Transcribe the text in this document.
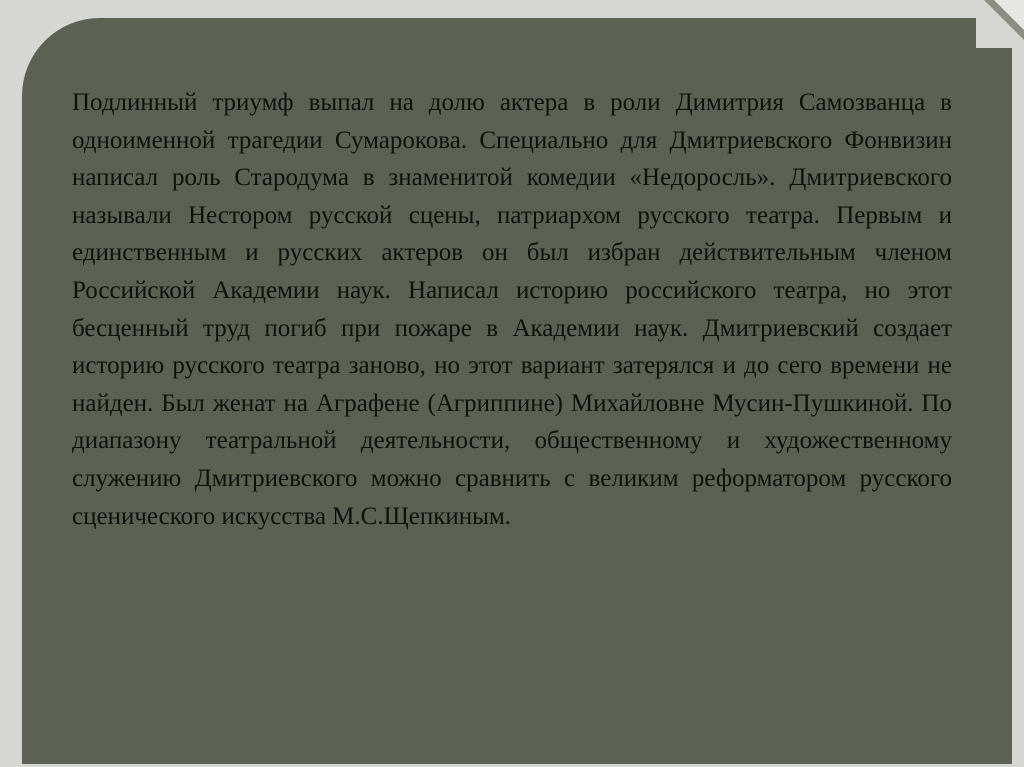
Подлинный триумф выпал на долю актера в роли Димитрия Самозванца в одноименной трагедии Сумарокова. Специально для Дмитриевского Фонвизин написал роль Стародума в знаменитой комедии «Недоросль». Дмитриевского называли Нестором русской сцены, патриархом русского театра. Первым и единственным и русских актеров он был избран действительным членом Российской Академии наук. Написал историю российского театра, но этот бесценный труд погиб при пожаре в Академии наук. Дмитриевский создает историю русского театра заново, но этот вариант затерялся и до сего времени не найден. Был женат на Аграфене (Агриппине) Михайловне Мусин-Пушкиной. По диапазону театральной деятельности, общественному и художественному служению Дмитриевского можно сравнить с великим реформатором русского сценического искусства М.С.Щепкиным.
